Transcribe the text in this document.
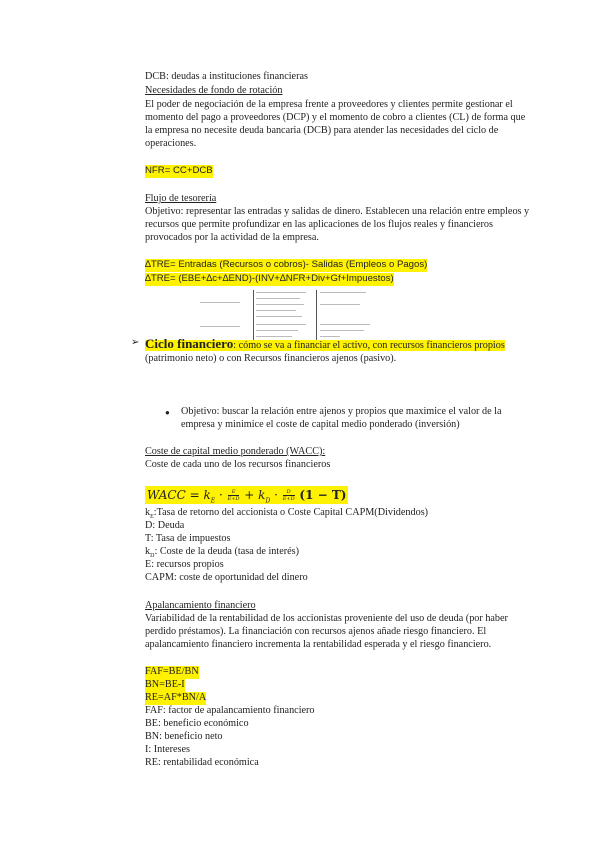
DCB: deudas a instituciones financieras
Necesidades de fondo de rotación
El poder de negociación de la empresa frente a proveedores y clientes permite gestionar el
momento del pago a proveedores (DCP) y el momento de cobro a clientes (CL) de forma que
la empresa no necesite deuda bancaria (DCB) para atender las necesidades del ciclo de
operaciones.
NFR= CC+DCB
Flujo de tesorería
Objetivo: representar las entradas y salidas de dinero. Establecen una relación entre empleos y
recursos que permite profundizar en las aplicaciones de los flujos reales y financieros
provocados por la actividad de la empresa.
∆TRE= Entradas (Recursos o cobros)- Salidas (Empleos o Pagos)
∆TRE= (EBE+∆c+∆END)-(INV+∆NFR+Div+Gf+Impuestos)
➢ Ciclo financiero: cómo se va a financiar el activo, con recursos financieros propios
(patrimonio neto) o con Recursos financieros ajenos (pasivo).
● Objetivo: buscar la relación entre ajenos y propios que maximice el valor de la
empresa y minimice el coste de capital medio ponderado (inversión)
Coste de capital medio ponderado (WACC):
Coste de cada uno de los recursos financieros
WACC = $k_E \cdot \frac{E}{E+D} + k_D \cdot \frac{D}{E+D} (1 - T)$
$k_E:Tasa$ de retorno del accionista o Coste Capital CAPM(Dividendos)
D: Deuda
T: Tasa de impuestos
$k_D$: Coste de la deuda (tasa de interés)
E: recursos propios
CAPM: coste de oportunidad del dinero
Apalancamiento financiero
Variabilidad de la rentabilidad de los accionistas proveniente del uso de deuda (por haber
perdido préstamos). La financiación con recursos ajenos añade riesgo financiero. El
apalancamiento financiero incrementa la rentabilidad esperada y el riesgo financiero.
FAF=BE/BN
BN=BE-I
RE=AF*BN/A
FAF: factor de apalancamiento financiero
BE: beneficio económico
BN: beneficio neto
I: Intereses
RE: rentabilidad económica
